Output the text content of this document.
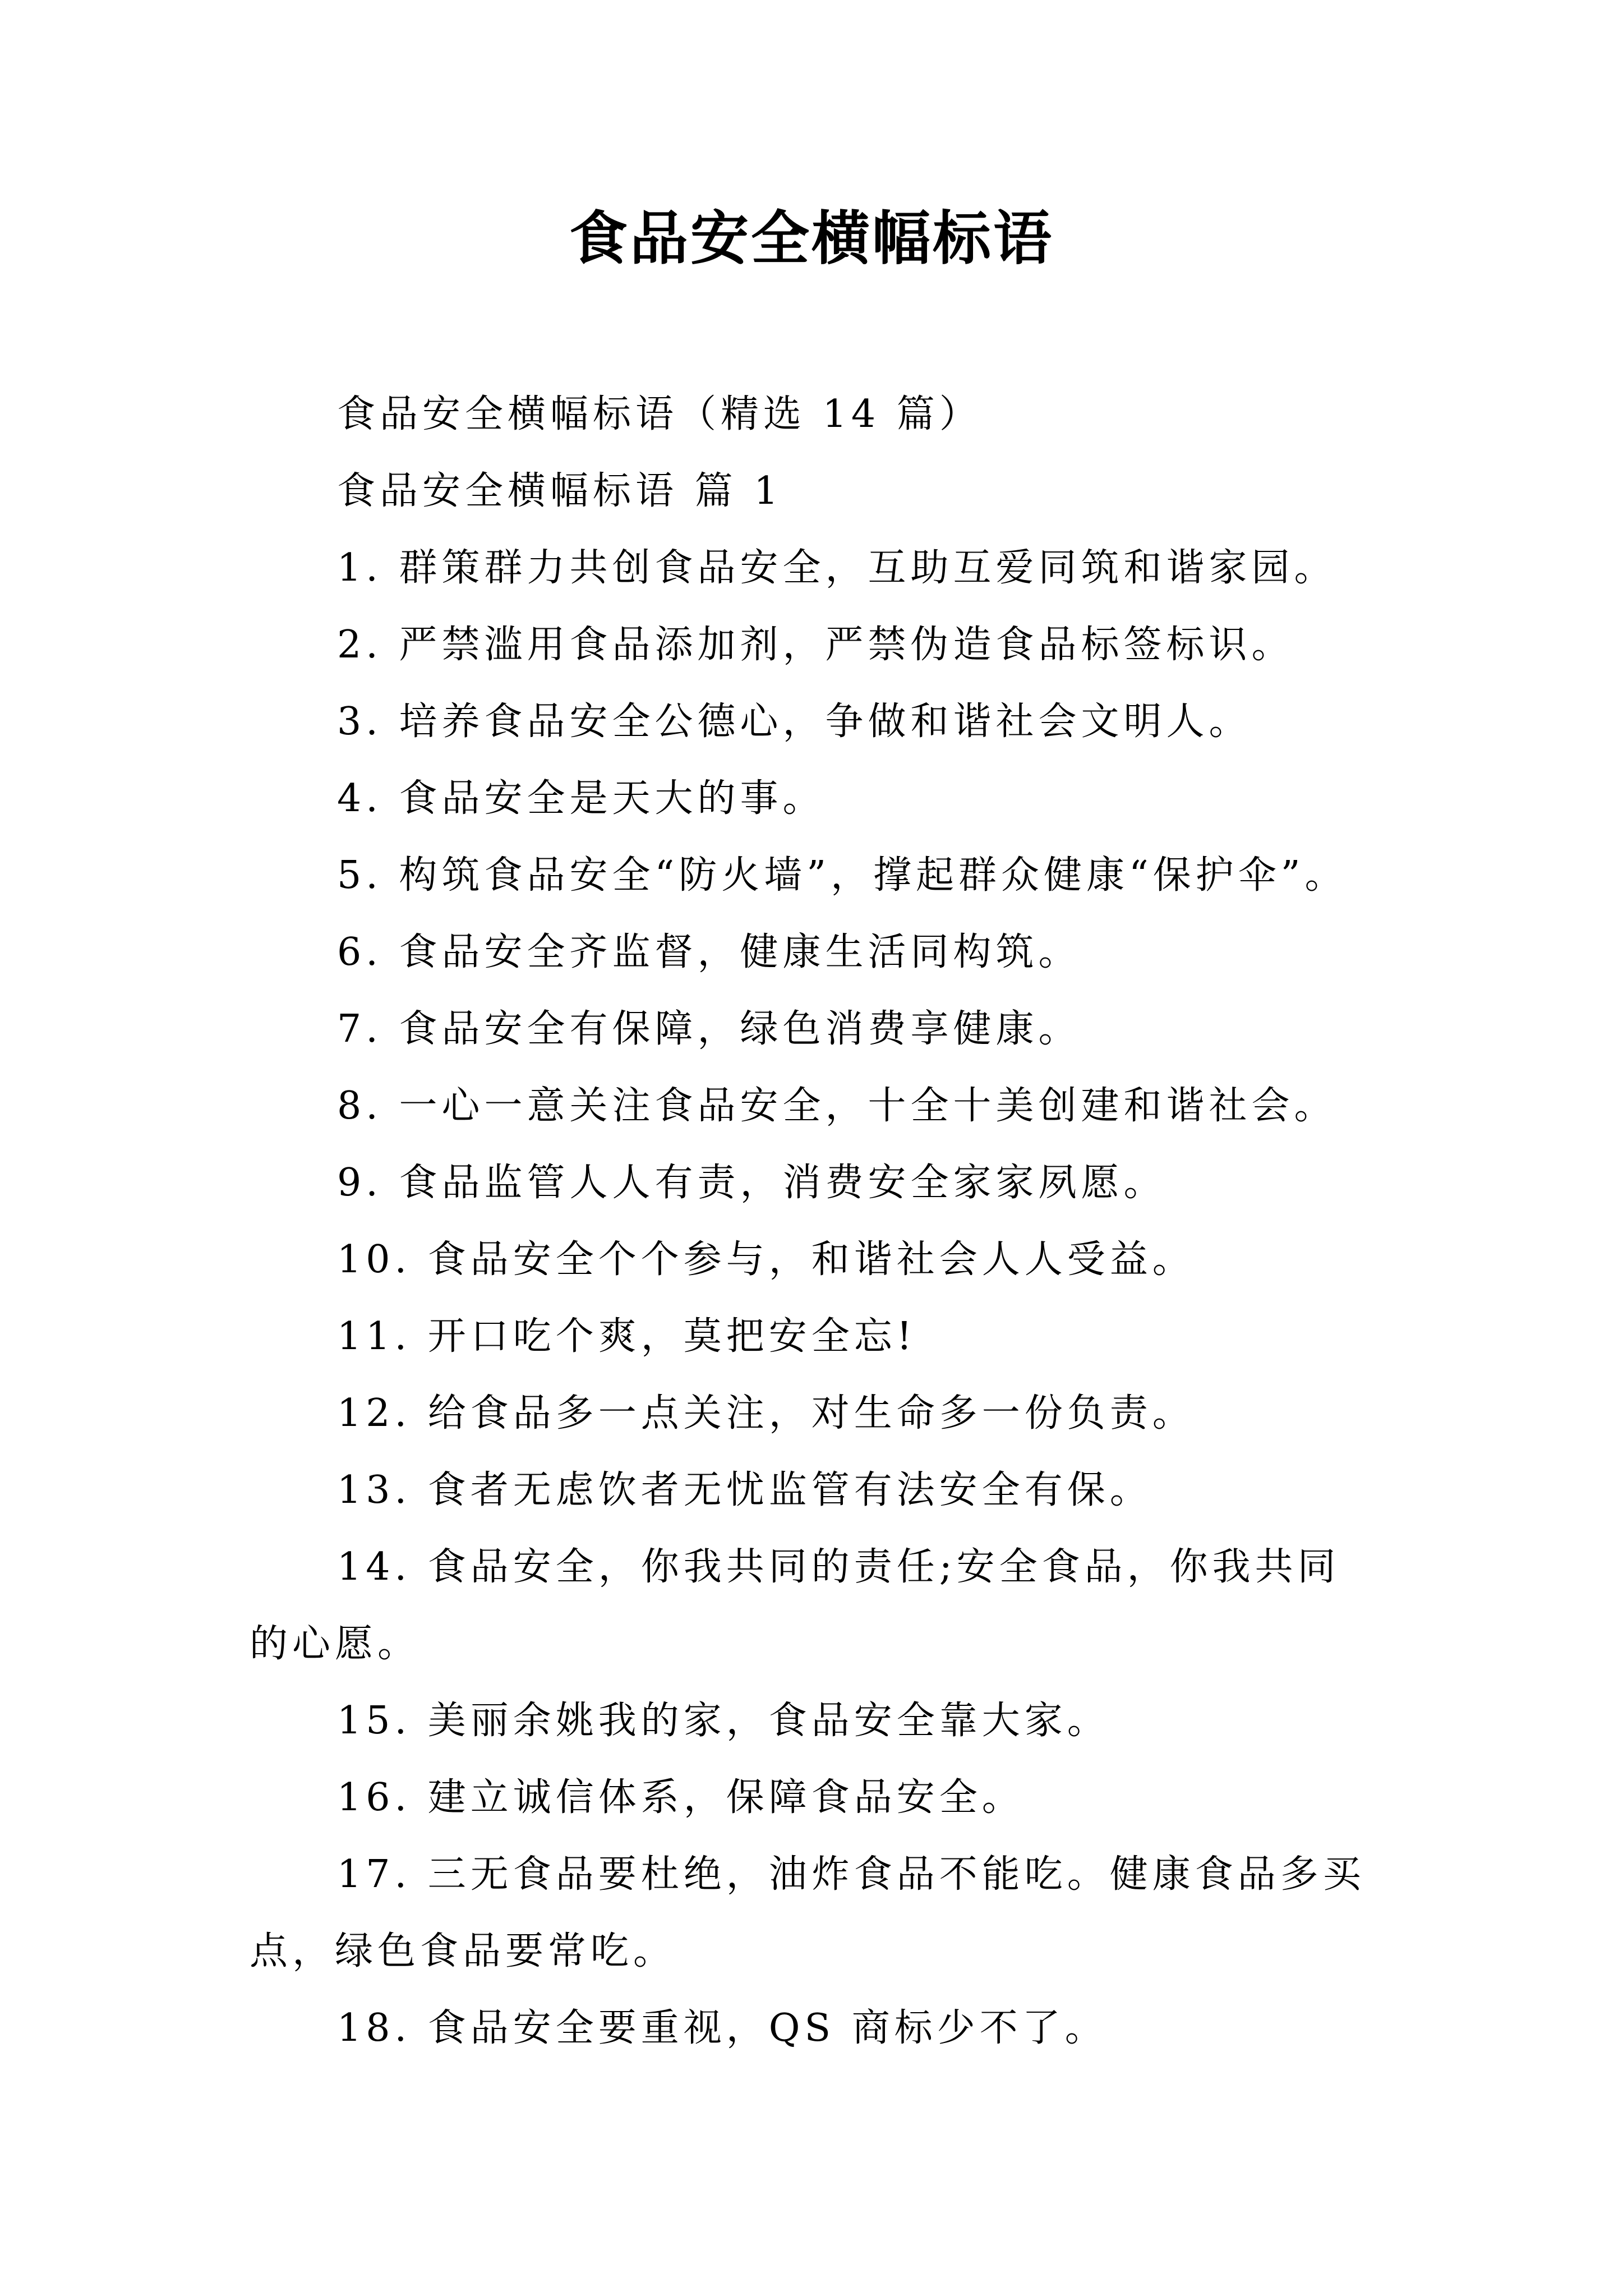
食品安全横幅标语

食品安全横幅标语（精选 14 篇）

食品安全横幅标语 篇 1

1. 群策群力共创食品安全，互助互爱同筑和谐家园。

2. 严禁滥用食品添加剂，严禁伪造食品标签标识。

3. 培养食品安全公德心，争做和谐社会文明人。

4. 食品安全是天大的事。

5. 构筑食品安全“防火墙”，撑起群众健康“保护伞”。

6. 食品安全齐监督，健康生活同构筑。

7. 食品安全有保障，绿色消费享健康。

8. 一心一意关注食品安全，十全十美创建和谐社会。

9. 食品监管人人有责，消费安全家家夙愿。

10. 食品安全个个参与，和谐社会人人受益。

11. 开口吃个爽，莫把安全忘!

12. 给食品多一点关注，对生命多一份负责。

13. 食者无虑饮者无忧监管有法安全有保。

14. 食品安全，你我共同的责任;安全食品，你我共同的心愿。

15. 美丽余姚我的家，食品安全靠大家。

16. 建立诚信体系，保障食品安全。

17. 三无食品要杜绝，油炸食品不能吃。健康食品多买点，绿色食品要常吃。

18. 食品安全要重视，QS 商标少不了。
